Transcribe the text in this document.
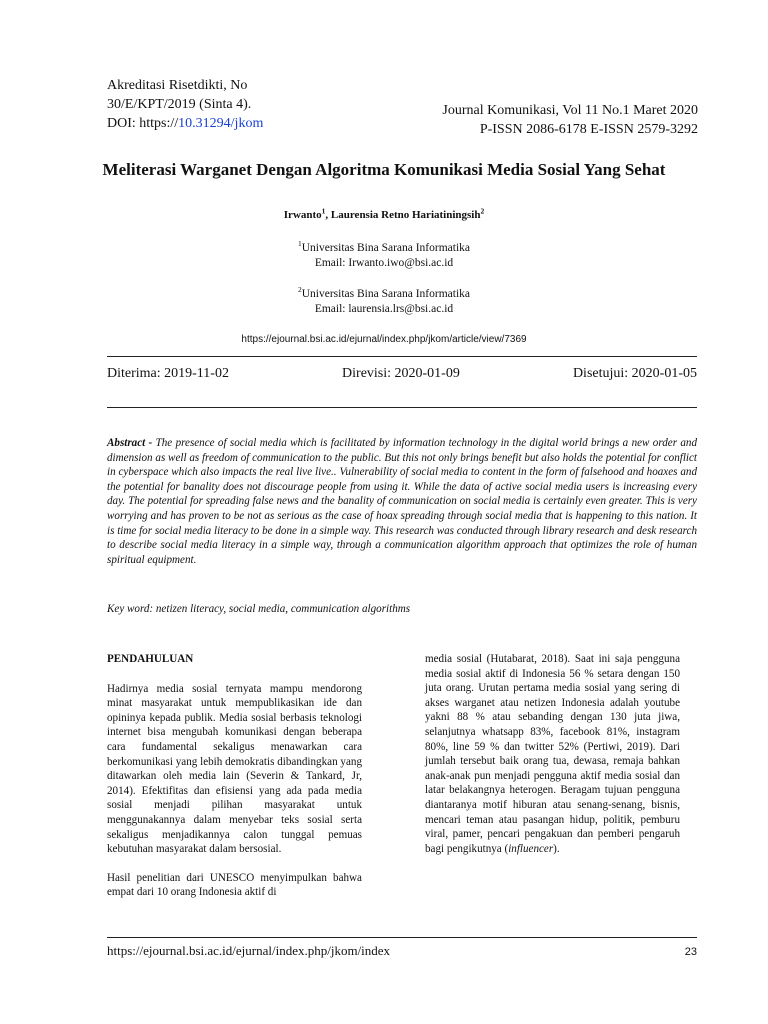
Akreditasi Risetdikti, No
30/E/KPT/2019 (Sinta 4).
DOI: https://10.31294/jkom
Journal Komunikasi, Vol 11 No.1 Maret 2020
P-ISSN 2086-6178 E-ISSN 2579-3292
Meliterasi Warganet Dengan Algoritma Komunikasi Media Sosial Yang Sehat
Irwanto$^1$, Laurensia Retno Hariatiningsih$^2$
$^1$Universitas Bina Sarana Informatika
Email: Irwanto.iwo@bsi.ac.id
$^2$Universitas Bina Sarana Informatika
Email: laurensia.lrs@bsi.ac.id
https://ejournal.bsi.ac.id/ejurnal/index.php/jkom/article/view/7369
Diterima: 2019-11-02	Direvisi: 2020-01-09	Disetujui: 2020-01-05
Abstract - The presence of social media which is facilitated by information technology in the digital world brings a new order and dimension as well as freedom of communication to the public. But this not only brings benefit but also holds the potential for conflict in cyberspace which also impacts the real live live.. Vulnerability of social media to content in the form of falsehood and hoaxes and the potential for banality does not discourage people from using it. While the data of active social media users is increasing every day. The potential for spreading false news and the banality of communication on social media is certainly even greater. This is very worrying and has proven to be not as serious as the case of hoax spreading through social media that is happening to this nation. It is time for social media literacy to be done in a simple way. This research was conducted through library research and desk research to describe social media literacy in a simple way, through a communication algorithm approach that optimizes the role of human spiritual equipment.
Key word: netizen literacy, social media, communication algorithms
PENDAHULUAN

Hadirnya media sosial ternyata mampu mendorong minat masyarakat untuk mempublikasikan ide dan opininya kepada publik. Media sosial berbasis teknologi internet bisa mengubah komunikasi dengan beberapa cara fundamental sekaligus menawarkan cara berkomunikasi yang lebih demokratis dibandingkan yang ditawarkan oleh media lain (Severin & Tankard, Jr, 2014). Efektifitas dan efisiensi yang ada pada media sosial menjadi pilihan masyarakat untuk menggunakannya dalam menyebar teks sosial serta sekaligus menjadikannya calon tunggal pemuas kebutuhan masyarakat dalam bersosial.

Hasil penelitian dari UNESCO menyimpulkan bahwa empat dari 10 orang Indonesia aktif di

media sosial (Hutabarat, 2018). Saat ini saja pengguna media sosial aktif di Indonesia 56 % setara dengan 150 juta orang. Urutan pertama media sosial yang sering di akses warganet atau netizen Indonesia adalah youtube yakni 88 % atau sebanding dengan 130 juta jiwa, selanjutnya whatsapp 83%, facebook 81%, instagram 80%, line 59 % dan twitter 52% (Pertiwi, 2019). Dari jumlah tersebut baik orang tua, dewasa, remaja bahkan anak-anak pun menjadi pengguna aktif media sosial dan latar belakangnya heterogen. Beragam tujuan pengguna diantaranya motif hiburan atau senang-senang, bisnis, mencari teman atau pasangan hidup, politik, pemburu viral, pamer, pencari pengakuan dan pemberi pengaruh bagi pengikutnya (influencer).

https://ejournal.bsi.ac.id/ejurnal/index.php/jkom/index	23
